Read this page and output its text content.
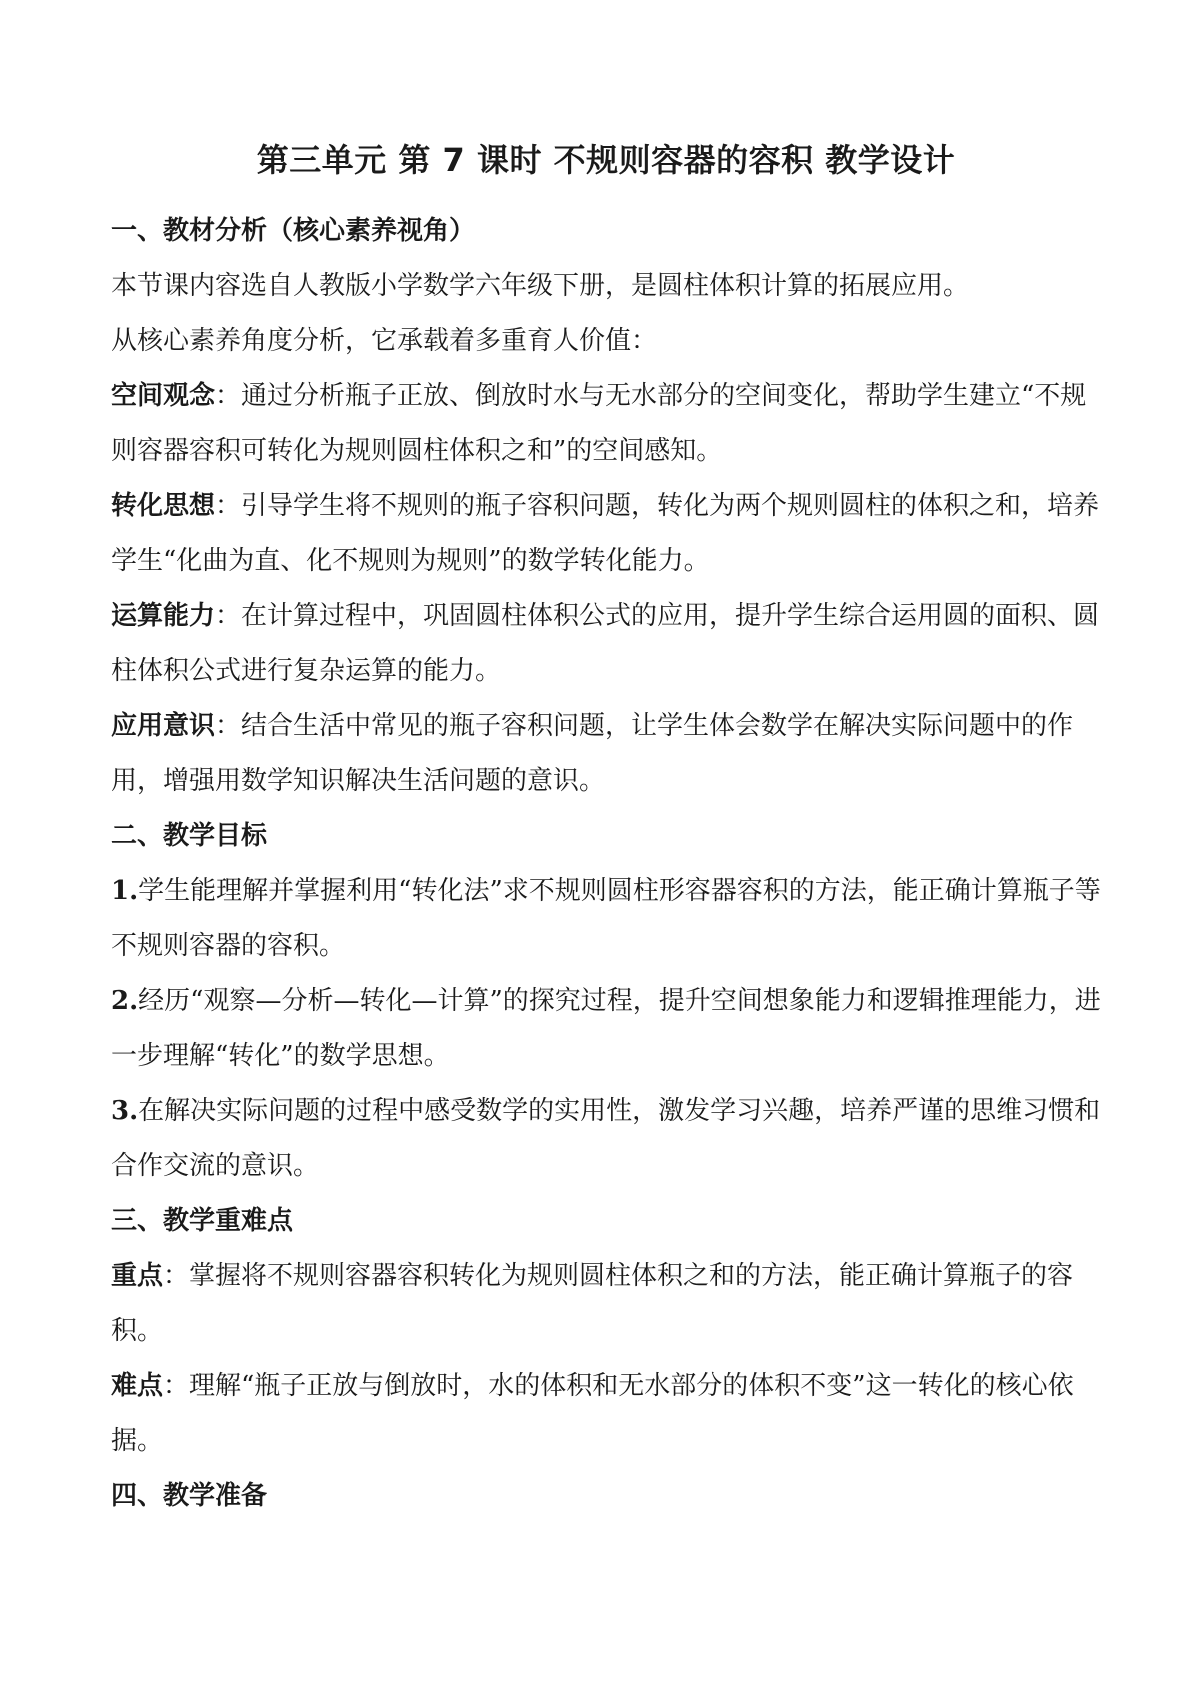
第三单元 第 7 课时 不规则容器的容积 教学设计
一、教材分析（核心素养视角）

本节课内容选自人教版小学数学六年级下册，是圆柱体积计算的拓展应用。

从核心素养角度分析，它承载着多重育人价值：

空间观念：通过分析瓶子正放、倒放时水与无水部分的空间变化，帮助学生建立“不规则容器容积可转化为规则圆柱体积之和”的空间感知。

转化思想：引导学生将不规则的瓶子容积问题，转化为两个规则圆柱的体积之和，培养学生“化曲为直、化不规则为规则”的数学转化能力。

运算能力：在计算过程中，巩固圆柱体积公式的应用，提升学生综合运用圆的面积、圆柱体积公式进行复杂运算的能力。

应用意识：结合生活中常见的瓶子容积问题，让学生体会数学在解决实际问题中的作用，增强用数学知识解决生活问题的意识。

二、教学目标

1.学生能理解并掌握利用“转化法”求不规则圆柱形容器容积的方法，能正确计算瓶子等不规则容器的容积。

2.经历“观察—分析—转化—计算”的探究过程，提升空间想象能力和逻辑推理能力，进一步理解“转化”的数学思想。

3.在解决实际问题的过程中感受数学的实用性，激发学习兴趣，培养严谨的思维习惯和合作交流的意识。

三、教学重难点

重点：掌握将不规则容器容积转化为规则圆柱体积之和的方法，能正确计算瓶子的容积。

难点：理解“瓶子正放与倒放时，水的体积和无水部分的体积不变”这一转化的核心依据。

四、教学准备
